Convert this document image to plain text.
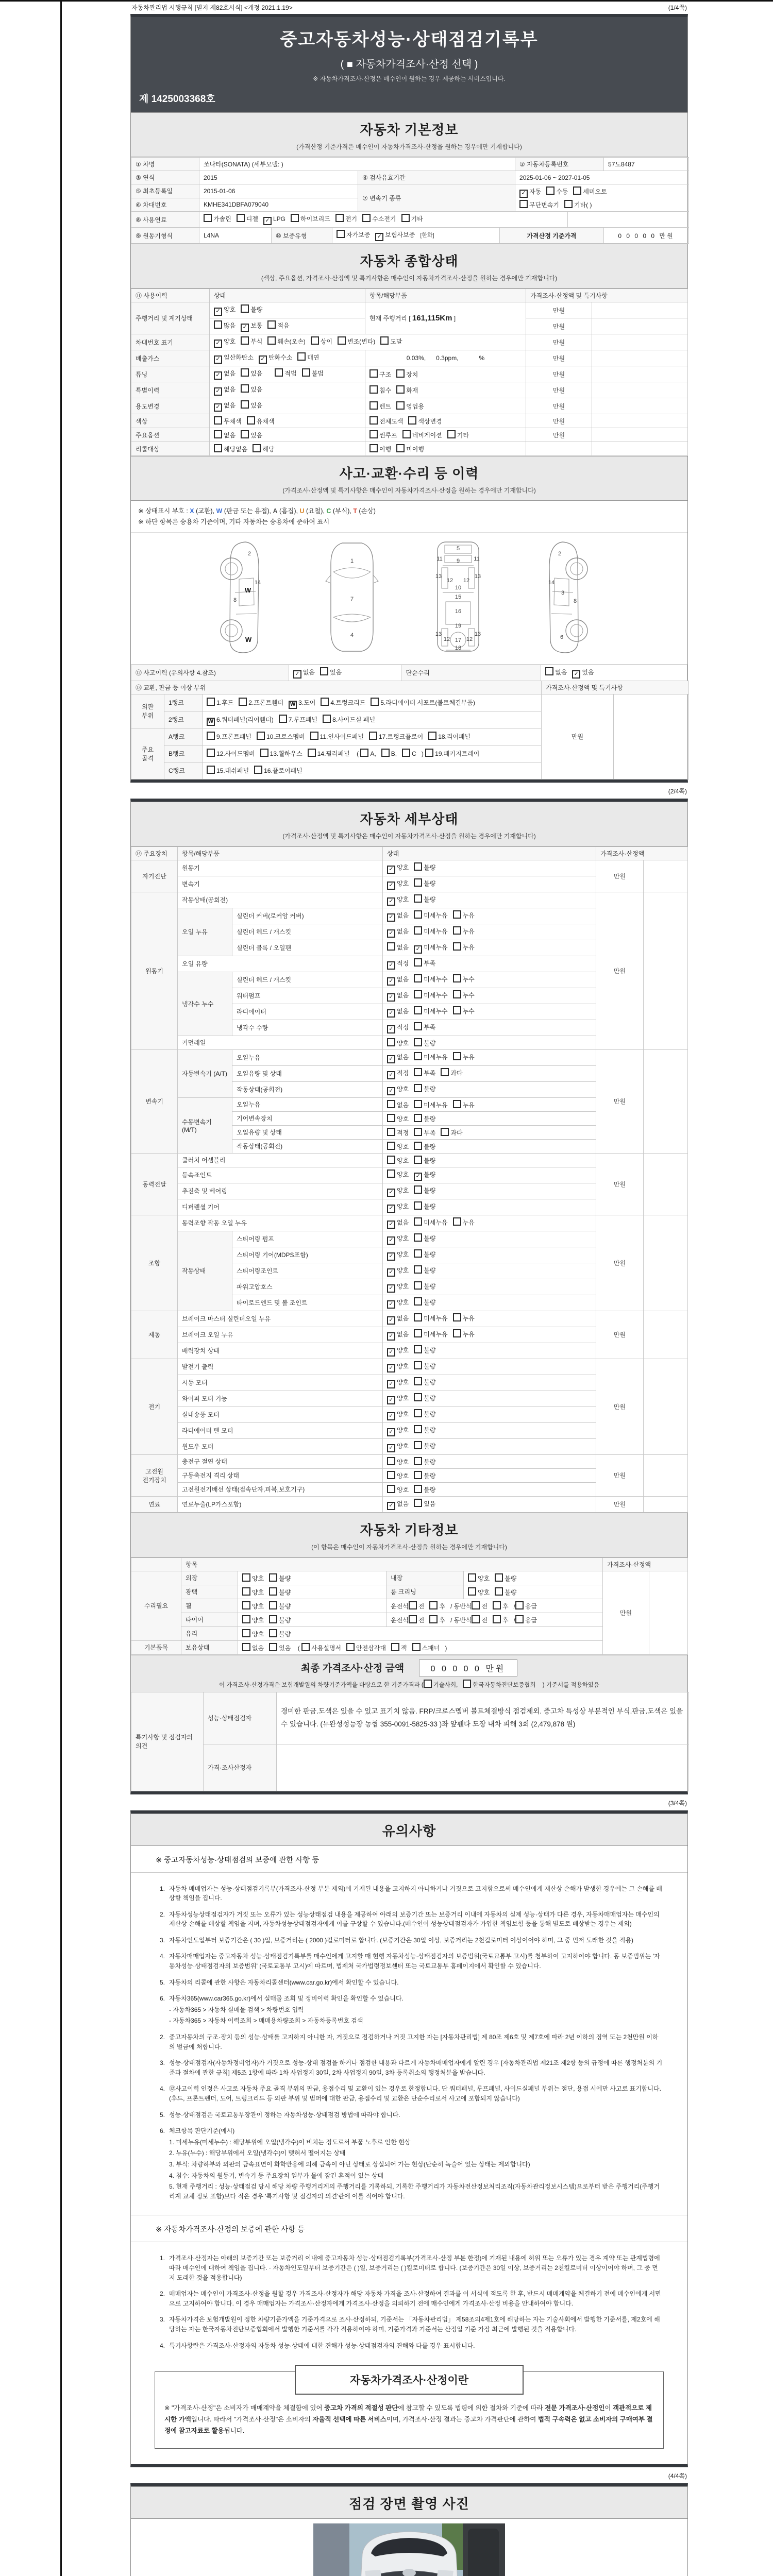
자동차관리법 시행규칙 [별지 제82호서식] <개정 2021.1.19>	(1/4쪽)
중고자동차성능·상태점검기록부
( ■ 자동차가격조사·산정 선택 )
※ 자동차가격조사·산정은 매수인이 원하는 경우 제공하는 서비스입니다.
제 1425003368호
자동차 기본정보
(가격산정 기준가격은 매수인이 자동차가격조사·산정을 원하는 경우에만 기재합니다)
① 차명	쏘나타(SONATA) (세부모델: )		② 자동차등록번호	57도8487
③ 연식	2015	④ 검사유효기간	2025-01-06 ~ 2027-01-05	
⑤ 최초등록일	2015-01-06	⑦ 변속기 종류	✓ 자동 수동 세미오토
무단변속기 기타( )	

⑥ 차대번호	KMHE341DBFA079040			
⑧ 사용연료	가솔린 디젤 ✓ LPG 하이브리드 전기 수소전기 기타	
⑨ 원동기형식	L4NA	⑩ 보증유형	자가보증 ✓ 보험사보증 [한화]	가격산정 기준가격	0 0 0 0 0 만원
자동차 종합상태
(색상, 주요옵션, 가격조사·산정액 및 특기사항은 매수인이 자동차가격조사·산정을 원하는 경우에만 기재합니다)
⑪ 사용이력	상태	항목/해당부품	가격조사·산정액 및 특기사항	
주행거리 및 계기상태	✓ 양호 불량	현재 주행거리 [ 161,115Km ]	만원	
	많음 ✓ 보통 적음		만원	
차대번호 표기	✓ 양호 부식 훼손(오손) 상이 변조(변타) 도말		만원	
배출가스	✓ 일산화탄소 ✓ 탄화수소 매연	0.03%,      0.3ppm,            %	만원	
튜닝	✓ 없음 있음 적법 불법	구조 장치	만원	
특별이력	✓ 없음 있음	침수 화재	만원	
용도변경	✓ 없음 있음	렌트 영업용	만원	
색상	무채색 유채색	전체도색 색상변경	만원	
주요옵션	없음 있음	썬루프 네비게이션 기타	만원	
리콜대상	해당없음 해당	이행 미이행		
사고·교환·수리 등 이력
(가격조사·산정액 및 특기사항은 매수인이 자동차가격조사·산정을 원하는 경우에만 기재합니다)
※ 상태표시 부호 : X (교환), W (판금 또는 용접), A (흠집), U (요철), C (부식), T (손상)
※ 하단 항목은 승용차 기준이며, 기타 자동차는 승용차에 준하여 표시
2
8
W
14
W
1
7
4
5
9
11	11
13	13
12 12
10
15
16
19
13	13
12	12
17
18
2
3
8
14
6
⑫ 사고이력 (유의사항 4.참조)	✓ 없음 있음	단순수리	없음 ✓ 있음
⑬ 교환, 판금 등 이상 부위	가격조사·산정액 및 특기사항
외판 부위	1랭크	1.후드 2.프론트휀더 W 3.도어 4.트렁크리드 5.라디에이터 서포트(볼트체결부품)	만원	
	2랭크	W 6.쿼터패널(리어휀더) 7.루프패널 8.사이드실 패널		
주요 골격	A랭크	9.프론트패널 10.크로스멤버 11.인사이드패널 17.트렁크플로어 18.리어패널		
	B랭크	12.사이드멤버 13.휠하우스 14.필러패널 ( A, B, C ) 19.패키지트레이		
	C랭크	15.대쉬패널 16.플로어패널		
(2/4쪽)
자동차 세부상태
(가격조사·산정액 및 특기사항은 매수인이 자동차가격조사·산정을 원하는 경우에만 기재합니다)
⑭ 주요장치	항목/해당부품		상태	가격조사·산정액	
자기진단	원동기		✓ 양호 불량	만원	
	변속기		✓ 양호 불량		
원동기	작동상태(공회전)		✓ 양호 불량	만원	
	오일 누유	실린더 커버(로커암 커버)	✓ 없음 미세누유 누유		
		실린더 헤드 / 개스킷	✓ 없음 미세누유 누유		
		실린더 블록 / 오일팬	없음 ✓ 미세누유 누유		
	오일 유량		✓ 적정 부족		
	냉각수 누수	실린더 헤드 / 개스킷	✓ 없음 미세누수 누수		
		워터펌프	✓ 없음 미세누수 누수		
		라디에이터	✓ 없음 미세누수 누수		
		냉각수 수량	✓ 적정 부족		
	커먼레일		양호 불량		
변속기	자동변속기 (A/T)	오일누유	✓ 없음 미세누유 누유	만원	
		오일유량 및 상태	✓ 적정 부족 과다		
		작동상태(공회전)	✓ 양호 불량		
	수동변속기 (M/T)	오일누유	없음 미세누유 누유		
		기어변속장치	양호 불량		
		오일유량 및 상태	적정 부족 과다		
		작동상태(공회전)	양호 불량		
동력전달	클러치 어셈블리		양호 불량	만원	
	등속죠인트		양호 ✓ 불량		
	추진축 및 베어링		✓ 양호 불량		
	디퍼렌셜 기어		✓ 양호 불량		
조향	동력조향 작동 오일 누유		✓ 없음 미세누유 누유	만원	
	작동상태	스티어링 펌프	✓ 양호 불량		
		스티어링 기어(MDPS포함)	✓ 양호 불량		
		스티어링조인트	✓ 양호 불량		
		파워고압호스	✓ 양호 불량		
		타이로드엔드 및 볼 조인트	✓ 양호 불량		
제동	브레이크 마스터 실린더오일 누유		✓ 없음 미세누유 누유	만원	
	브레이크 오일 누유		✓ 없음 미세누유 누유		
	배력장치 상태		✓ 양호 불량		
전기	발전기 출력		✓ 양호 불량	만원	
	시동 모터		✓ 양호 불량		
	와이퍼 모터 기능		✓ 양호 불량		
	실내송풍 모터		✓ 양호 불량		
	라디에이터 팬 모터		✓ 양호 불량		
	윈도우 모터		✓ 양호 불량		
고전원 전기장치	충전구 절연 상태		양호 불량	만원	
	구동축전지 격리 상태		양호 불량		
	고전원전기배선 상태(접속단자,피복,보호기구)		양호 불량		
연료	연료누출(LP가스포함)		✓ 없음 있음	만원	
자동차 기타정보
(이 항목은 매수인이 자동차가격조사·산정을 원하는 경우에만 기재합니다)
	항목				가격조사·산정액	
수리필요	외장	양호 불량	내장	양호 불량	만원	
	광택	양호 불량	룸 크리닝	양호 불량		
	휠	양호 불량	운전석 전 후 / 동반석 전 후 / 응급			
	타이어	양호 불량	운전석 전 후 / 동반석 전 후 / 응급			
	유리	양호 불량				
기본품목	보유상태	없음 있음 ( 사용설명서 안전삼각대 잭 스패너 )				
최종 가격조사·산정 금액	0 0 0 0 0 만원
이 가격조사·산정가격은 보험개발원의 차량기준가액을 바탕으로 한 기준가격과 ( 기술사회,	한국자동차진단보증협회 ) 기준서를 적용하였음
특기사항 및 점검자의 의견	성능·상태점검자	경미한 판금.도색은 있을 수 있고 표기치 않음. FRP/크로스멤버 볼트체결방식 점검제외. 중고차 특성상 부분적인 부식.판금.도색은 있을 수 있습니다. (뉴완성성능장 농협 355-0091-5825-33 )좌 앞휀다 도장 내차 피해 3회 (2,479,878 원)
	가격·조사산정자	
(3/4쪽)
유의사항
※ 중고자동차성능·상태점검의 보증에 관한 사항 등
1. 자동차 매매업자는 성능·상태점검기록부(가격조사·산정 부분 제외)에 기재된 내용을 고지하지 아니하거나 거짓으로 고지함으로써 매수인에게 재산상 손해가 발생한 경우에는 그 손해를 배상할 책임을 집니다.
2. 자동차성능상태점검자가 거짓 또는 오류가 있는 성능상태점검 내용을 제공하여 아래의 보증기간 또는 보증거리 이내에 자동차의 실제 성능·상태가 다른 경우, 자동차매매업자는 매수인의 재산상 손해를 배상할 책임을 지며, 자동차성능상태점검자에게 이를 구상할 수 있습니다.(매수인이 성능상태점검자가 가입한 책임보험 등을 통해 별도로 배상받는 경우는 제외)
3. 자동차인도일부터 보증기간은 ( 30 )일, 보증거리는 ( 2000 )킬로미터로 합니다. (보증기간은 30일 이상, 보증거리는 2천킬로미터 이상이어야 하며, 그 중 먼저 도래한 것을 적용)
4. 자동차매매업자는 중고자동차 성능·상태점검기록부를 매수인에게 고지할 때 현행 자동차성능·상태점검자의 보증범위(국토교통부 고시)를 첨부하여 고지하여야 합니다. 동 보증범위는 '자동차성능·상태점검자의 보증범위' (국토교통부 고시)에 따르며, 법제처 국가법령정보센터 또는 국토교통부 홈페이지에서 확인할 수 있습니다.
5. 자동차의 리콜에 관한 사항은 자동차리콜센터(www.car.go.kr)에서 확인할 수 있습니다.
6. 자동차365(www.car365.go.kr)에서 실매물 조회 및 정비이력 확인을 확인할 수 있습니다.
- 자동차365 > 자동차 실매물 검색 > 차량번호 입력
- 자동차365 > 자동차 이력조회 > 매매용차량조회 > 자동차등록번호 검색
2. 중고자동차의 구조·장치 등의 성능·상태를 고지하지 아니한 자, 거짓으로 점검하거나 거짓 고지한 자는 [자동차관리법] 제 80조 제6호 및 제7호에 따라 2년 이하의 징역 또는 2천만원 이하의 벌금에 처합니다.
3. 성능·상태점검자(자동차정비업자)가 거짓으로 성능·상태 점검을 하거나 점검한 내용과 다르게 자동차매매업자에게 알린 경우 [자동차관리법 제21조 제2항 등의 규정에 따른 행정처분의 기준과 절차에 관한 규칙] 제5조 1항에 따라 1차 사업정지 30일, 2차 사업정지 90일, 3차 등록취소의 행정처분을 받습니다.
4. ⑫사고이력 인정은 사고로 자동차 주요 골격 부위의 판금, 용접수리 및 교환이 있는 경우로 한정합니다. 단 쿼터패널, 루프패널, 사이드실패널 부위는 절단, 용접 시에만 사고로 표기합니다. (후드, 프론트펜더, 도어, 트렁크리드 등 외판 부위 및 범퍼에 대한 판금, 용접수리 및 교환은 단순수리로서 사고에 포함되지 않습니다)
5. 성능·상태점검은 국토교통부장관이 정하는 자동차성능·상태점검 방법에 따라야 합니다.
6. 체크항목 판단기준(예시)
1. 미세누유(미세누수) : 해당부위에 오일(냉각수)이 비치는 정도로서 부품 노후로 인한 현상
2. 누유(누수) : 해당부위에서 오일(냉각수)이 맺혀서 떨어지는 상태
3. 부식: 차량하부와 외판의 금속표면이 화학반응에 의해 금속이 아닌 상태로 상실되어 가는 현상(단순히 녹슬어 있는 상태는 제외합니다)
4. 침수: 자동차의 원동기, 변속기 등 주요장치 일부가 물에 잠긴 흔적이 있는 상태
5. 현재 주행거리 : 성능·상태점검 당시 해당 차량 주행거리계의 주행거리를 기록하되, 기록한 주행거리가 자동차전산정보처리조직(자동차관리정보시스템)으로부터 받은 주행거리(주행거리계 교체 정보 포함)보다 적은 경우 '특기사항 및 점검자의 의견'란에 이를 적어야 합니다.
※ 자동차가격조사·산정의 보증에 관한 사항 등
1. 가격조사·산정자는 아래의 보증기간 또는 보증거리 이내에 중고자동차 성능·상태점검기록부(가격조사·산정 부분 한정)에 기재된 내용에 허위 또는 오류가 있는 경우 계약 또는 관계법령에 따라 매수인에 대하여 책임을 집니다. · 자동차인도일부터 보증기간은 ( )일, 보증거리는 ( )킬로미터로 합니다. (보증기간은 30일 이상, 보증거리는 2천킬로미터 이상이어야 하며, 그 중 먼저 도래한 것을 적용합니다)
2. 매매업자는 매수인이 가격조사·산정을 원할 경우 가격조사·산정자가 해당 자동차 가격을 조사·산정하여 결과를 이 서식에 적도록 한 후, 반드시 매매계약을 체결하기 전에 매수인에게 서면으로 고지하여야 합니다. 이 경우 매매업자는 가격조사·산정자에게 가격조사·산정을 의뢰하기 전에 매수인에게 가격조사·산정 비용을 안내하여야 합니다.
3. 자동차가격은 보험개발원이 정한 차량기준가액을 기준가격으로 조사·산정하되, 기준서는 「자동차관리법」 제58조의4제1호에 해당하는 자는 기술사회에서 발행한 기준서를, 제2호에 해당하는 자는 한국자동차진단보증협회에서 발행한 기준서를 각각 적용하여야 하며, 기준가격과 기준서는 산정일 기준 가장 최근에 발행된 것을 적용합니다.
4. 특기사항란은 가격조사·산정자의 자동차 성능·상태에 대한 견해가 성능·상태점검자의 견해와 다를 경우 표시합니다.
자동차가격조사·산정이란
※ "가격조사·산정"은 소비자가 매매계약을 체결함에 있어 중고차 가격의 적절성 판단에 참고할 수 있도록 법령에 의한 절차와 기준에 따라 전문 가격조사·산정인이 객관적으로 제시한 가액입니다. 따라서 "가격조사·산정"은 소비자의 자율적 선택에 따른 서비스이며, 가격조사·산정 결과는 중고차 가격판단에 관하여 법적 구속력은 없고 소비자의 구매여부 결정에 참고자료로 활용됩니다.
(4/4쪽)
점검 장면 촬영 사진
